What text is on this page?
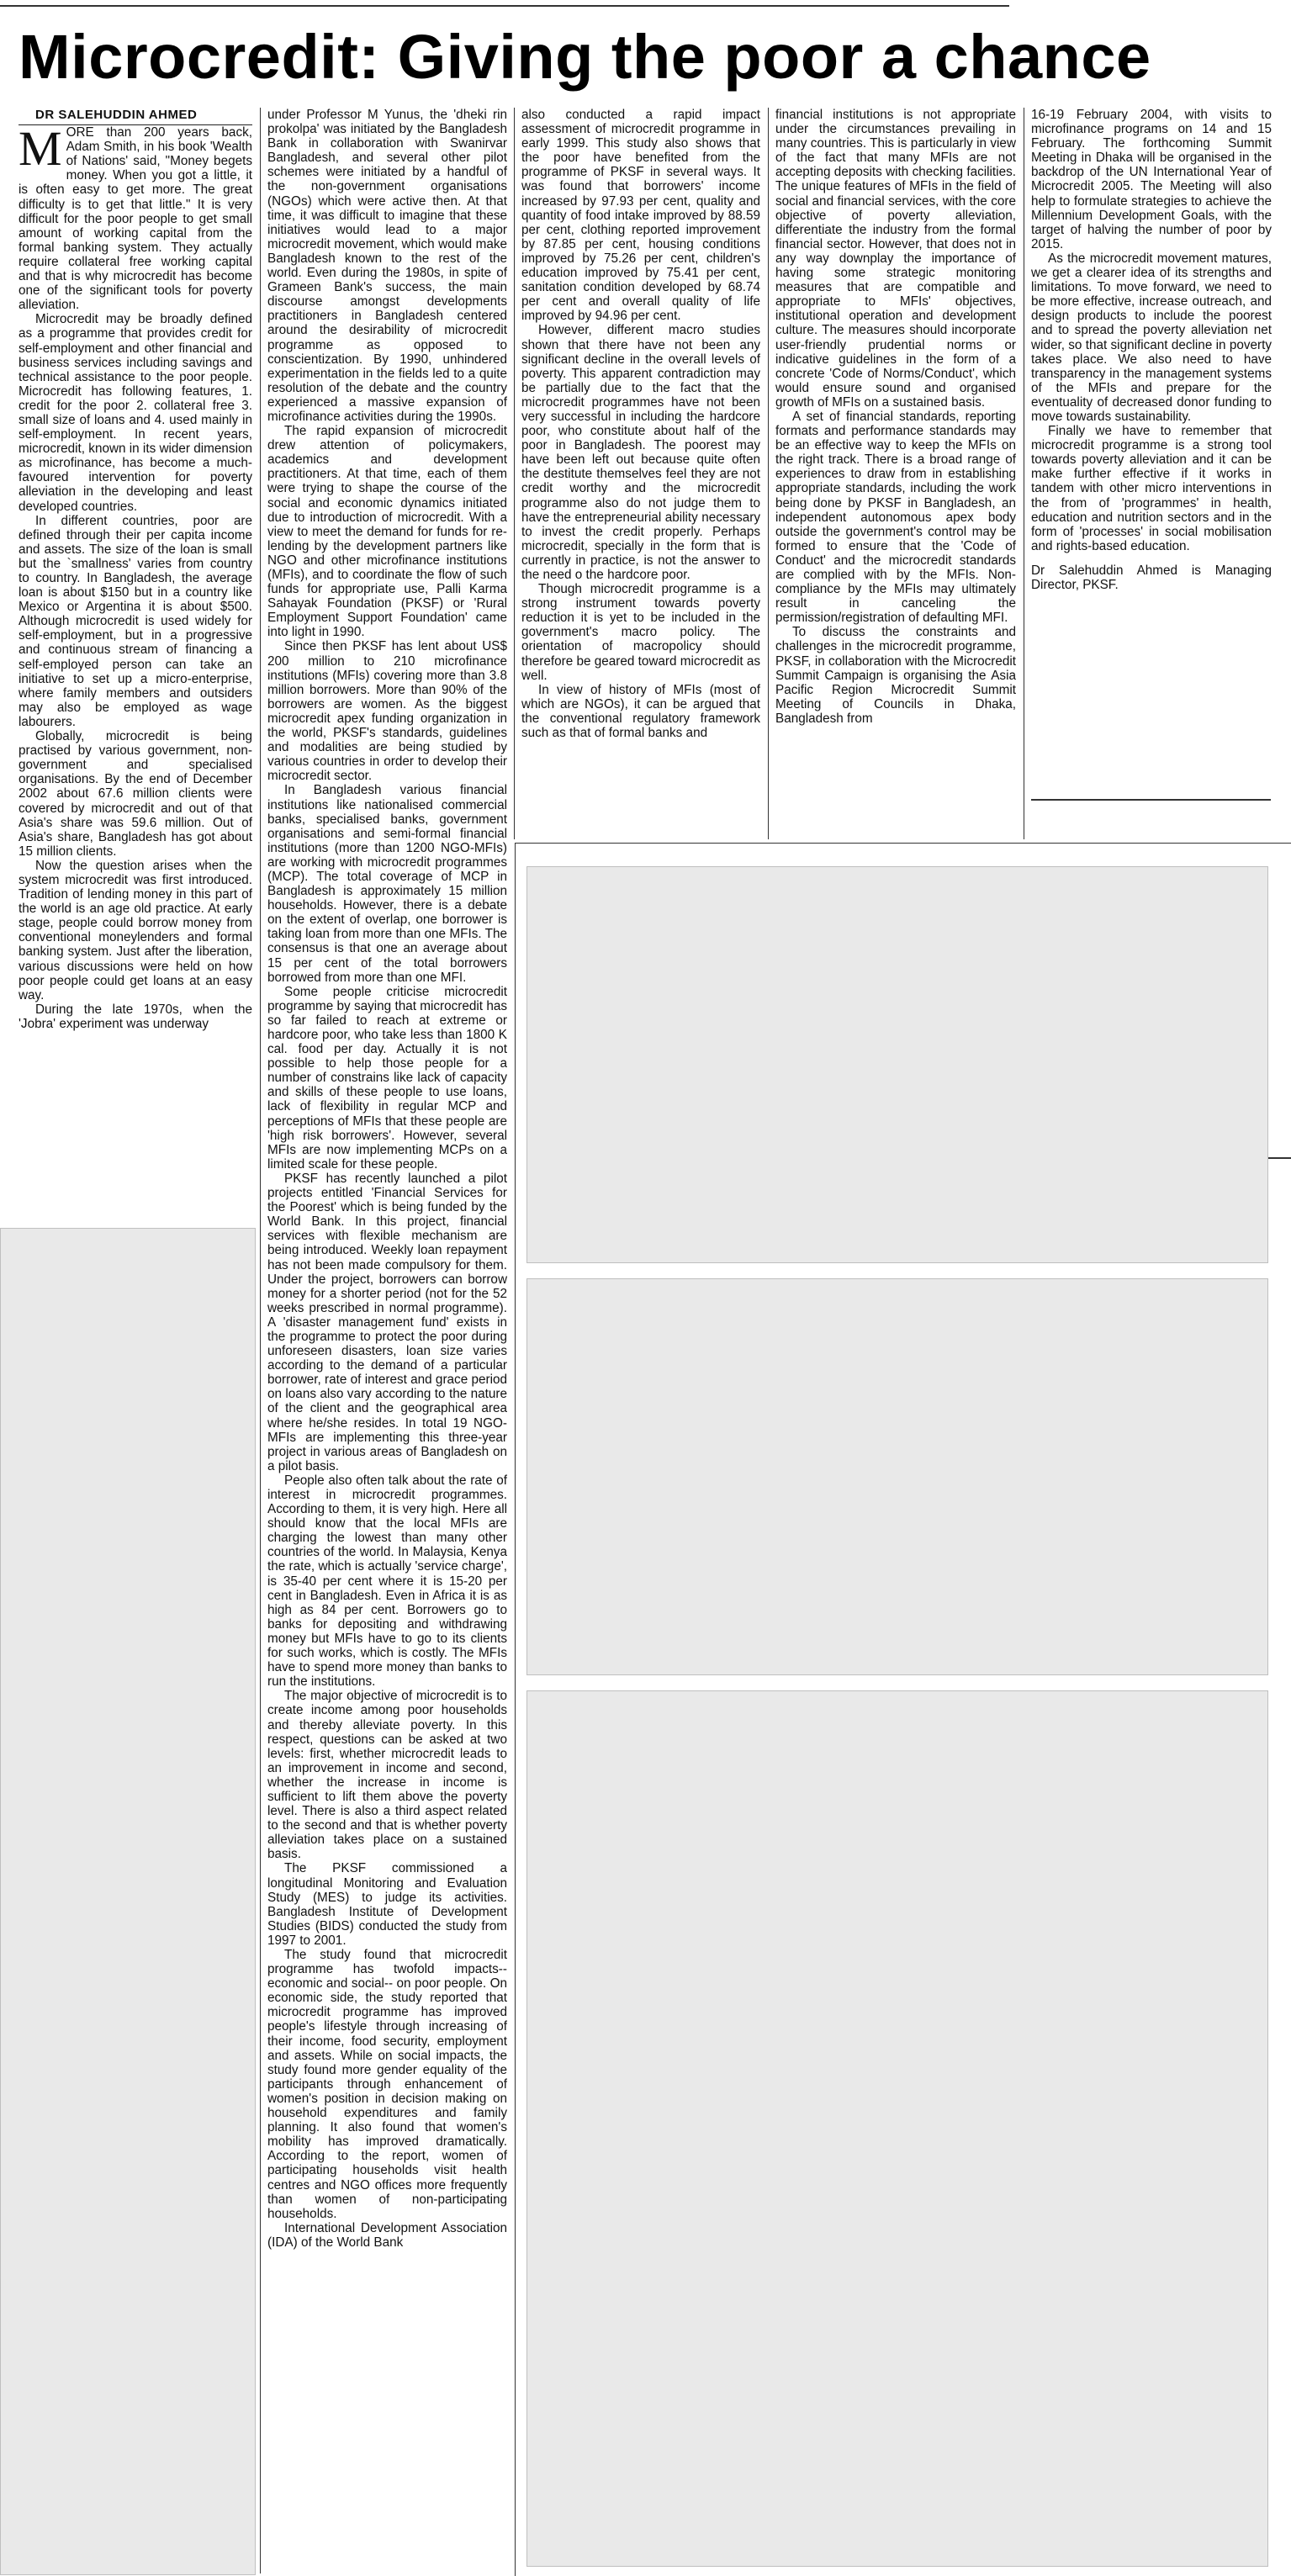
Microcredit: Giving the poor a chance

DR SALEHUDDIN AHMED

MORE than 200 years back, Adam Smith, in his book 'Wealth of Nations' said, "Money begets money. When you got a little, it is often easy to get more. The great difficulty is to get that little." It is very difficult for the poor people to get small amount of working capital from the formal banking system. They actually require collateral free working capital and that is why microcredit has become one of the significant tools for poverty alleviation.

Microcredit may be broadly defined as a programme that provides credit for self-employment and other financial and business services including savings and technical assistance to the poor people. Microcredit has following features, 1. credit for the poor 2. collateral free 3. small size of loans and 4. used mainly in self-employment. In recent years, microcredit, known in its wider dimension as microfinance, has become a much-favoured intervention for poverty alleviation in the developing and least developed countries.

In different countries, poor are defined through their per capita income and assets. The size of the loan is small but the `smallness' varies from country to country. In Bangladesh, the average loan is about $150 but in a country like Mexico or Argentina it is about $500. Although microcredit is used widely for self-employment, but in a progressive and continuous stream of financing a self-employed person can take an initiative to set up a micro-enterprise, where family members and outsiders may also be employed as wage labourers.

Globally, microcredit is being practised by various government, non-government and specialised organisations. By the end of December 2002 about 67.6 million clients were covered by microcredit and out of that Asia's share was 59.6 million. Out of Asia's share, Bangladesh has got about 15 million clients.

Now the question arises when the system microcredit was first introduced. Tradition of lending money in this part of the world is an age old practice. At early stage, people could borrow money from conventional moneylenders and formal banking system. Just after the liberation, various discussions were held on how poor people could get loans at an easy way.

During the late 1970s, when the 'Jobra' experiment was underway

under Professor M Yunus, the 'dheki rin prokolpa' was initiated by the Bangladesh Bank in collaboration with Swanirvar Bangladesh, and several other pilot schemes were initiated by a handful of the non-government organisations (NGOs) which were active then. At that time, it was difficult to imagine that these initiatives would lead to a major microcredit movement, which would make Bangladesh known to the rest of the world. Even during the 1980s, in spite of Grameen Bank's success, the main discourse amongst developments practitioners in Bangladesh centered around the desirability of microcredit programme as opposed to conscientization. By 1990, unhindered experimentation in the fields led to a quite resolution of the debate and the country experienced a massive expansion of microfinance activities during the 1990s.

The rapid expansion of microcredit drew attention of policymakers, academics and development practitioners. At that time, each of them were trying to shape the course of the social and economic dynamics initiated due to introduction of microcredit. With a view to meet the demand for funds for re-lending by the development partners like NGO and other microfinance institutions (MFIs), and to coordinate the flow of such funds for appropriate use, Palli Karma Sahayak Foundation (PKSF) or 'Rural Employment Support Foundation' came into light in 1990.

Since then PKSF has lent about US$ 200 million to 210 microfinance institutions (MFIs) covering more than 3.8 million borrowers. More than 90% of the borrowers are women. As the biggest microcredit apex funding organization in the world, PKSF's standards, guidelines and modalities are being studied by various countries in order to develop their microcredit sector.

In Bangladesh various financial institutions like nationalised commercial banks, specialised banks, government organisations and semi-formal financial institutions (more than 1200 NGO-MFIs) are working with microcredit programmes (MCP). The total coverage of MCP in Bangladesh is approximately 15 million households. However, there is a debate on the extent of overlap, one borrower is taking loan from more than one MFIs. The consensus is that one an average about 15 per cent of the total borrowers borrowed from more than one MFI.

Some people criticise microcredit programme by saying that microcredit has so far failed to reach at extreme or hardcore poor, who take less than 1800 K cal. food per day. Actually it is not possible to help those people for a number of constrains like lack of capacity and skills of these people to use loans, lack of flexibility in regular MCP and perceptions of MFIs that these people are 'high risk borrowers'. However, several MFIs are now implementing MCPs on a limited scale for these people.

PKSF has recently launched a pilot projects entitled 'Financial Services for the Poorest' which is being funded by the World Bank. In this project, financial services with flexible mechanism are being introduced. Weekly loan repayment has not been made compulsory for them. Under the project, borrowers can borrow money for a shorter period (not for the 52 weeks prescribed in normal programme). A 'disaster management fund' exists in the programme to protect the poor during unforeseen disasters, loan size varies according to the demand of a particular borrower, rate of interest and grace period on loans also vary according to the nature of the client and the geographical area where he/she resides. In total 19 NGO-MFIs are implementing this three-year project in various areas of Bangladesh on a pilot basis.

People also often talk about the rate of interest in microcredit programmes. According to them, it is very high. Here all should know that the local MFIs are charging the lowest than many other countries of the world. In Malaysia, Kenya the rate, which is actually 'service charge', is 35-40 per cent where it is 15-20 per cent in Bangladesh. Even in Africa it is as high as 84 per cent. Borrowers go to banks for depositing and withdrawing money but MFIs have to go to its clients for such works, which is costly. The MFIs have to spend more money than banks to run the institutions.

The major objective of microcredit is to create income among poor households and thereby alleviate poverty. In this respect, questions can be asked at two levels: first, whether microcredit leads to an improvement in income and second, whether the increase in income is sufficient to lift them above the poverty level. There is also a third aspect related to the second and that is whether poverty alleviation takes place on a sustained basis.

The PKSF commissioned a longitudinal Monitoring and Evaluation Study (MES) to judge its activities. Bangladesh Institute of Development Studies (BIDS) conducted the study from 1997 to 2001.

The study found that microcredit programme has twofold impacts-- economic and social-- on poor people. On economic side, the study reported that microcredit programme has improved people's lifestyle through increasing of their income, food security, employment and assets. While on social impacts, the study found more gender equality of the participants through enhancement of women's position in decision making on household expenditures and family planning. It also found that women's mobility has improved dramatically. According to the report, women of participating households visit health centres and NGO offices more frequently than women of non-participating households.

International Development Association (IDA) of the World Bank

also conducted a rapid impact assessment of microcredit programme in early 1999. This study also shows that the poor have benefited from the programme of PKSF in several ways. It was found that borrowers' income increased by 97.93 per cent, quality and quantity of food intake improved by 88.59 per cent, clothing reported improvement by 87.85 per cent, housing conditions improved by 75.26 per cent, children's education improved by 75.41 per cent, sanitation condition developed by 68.74 per cent and overall quality of life improved by 94.96 per cent.

However, different macro studies shown that there have not been any significant decline in the overall levels of poverty. This apparent contradiction may be partially due to the fact that the microcredit programmes have not been very successful in including the hardcore poor, who constitute about half of the poor in Bangladesh. The poorest may have been left out because quite often the destitute themselves feel they are not credit worthy and the microcredit programme also do not judge them to have the entrepreneurial ability necessary to invest the credit properly. Perhaps microcredit, specially in the form that is currently in practice, is not the answer to the need o the hardcore poor.

Though microcredit programme is a strong instrument towards poverty reduction it is yet to be included in the government's macro policy. The orientation of macropolicy should therefore be geared toward microcredit as well.

In view of history of MFIs (most of which are NGOs), it can be argued that the conventional regulatory framework such as that of formal banks and

financial institutions is not appropriate under the circumstances prevailing in many countries. This is particularly in view of the fact that many MFIs are not accepting deposits with checking facilities. The unique features of MFIs in the field of social and financial services, with the core objective of poverty alleviation, differentiate the industry from the formal financial sector. However, that does not in any way downplay the importance of having some strategic monitoring measures that are compatible and appropriate to MFIs' objectives, institutional operation and development culture. The measures should incorporate user-friendly prudential norms or indicative guidelines in the form of a concrete 'Code of Norms/Conduct', which would ensure sound and organised growth of MFIs on a sustained basis.

A set of financial standards, reporting formats and performance standards may be an effective way to keep the MFIs on the right track. There is a broad range of experiences to draw from in establishing appropriate standards, including the work being done by PKSF in Bangladesh, an independent autonomous apex body outside the government's control may be formed to ensure that the 'Code of Conduct' and the microcredit standards are complied with by the MFIs. Non-compliance by the MFIs may ultimately result in canceling the permission/registration of defaulting MFI.

To discuss the constraints and challenges in the microcredit programme, PKSF, in collaboration with the Microcredit Summit Campaign is organising the Asia Pacific Region Microcredit Summit Meeting of Councils in Dhaka, Bangladesh from

16-19 February 2004, with visits to microfinance programs on 14 and 15 February. The forthcoming Summit Meeting in Dhaka will be organised in the backdrop of the UN International Year of Microcredit 2005. The Meeting will also help to formulate strategies to achieve the Millennium Development Goals, with the target of halving the number of poor by 2015.

As the microcredit movement matures, we get a clearer idea of its strengths and limitations. To move forward, we need to be more effective, increase outreach, and design products to include the poorest and to spread the poverty alleviation net wider, so that significant decline in poverty takes place. We also need to have transparency in the management systems of the MFIs and prepare for the eventuality of decreased donor funding to move towards sustainability.

Finally we have to remember that microcredit programme is a strong tool towards poverty alleviation and it can be make further effective if it works in tandem with other micro interventions in the from of 'programmes' in health, education and nutrition sectors and in the form of 'processes' in social mobilisation and rights-based education.

Dr Salehuddin Ahmed is Managing Director, PKSF.
